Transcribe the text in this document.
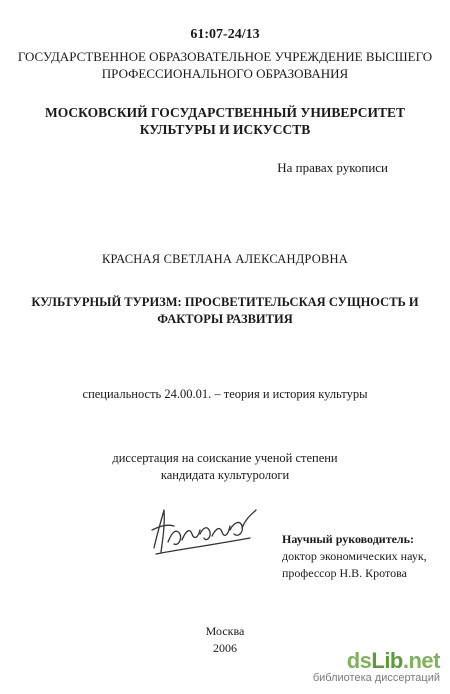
61:07-24/13
ГОСУДАРСТВЕННОЕ ОБРАЗОВАТЕЛЬНОЕ УЧРЕЖДЕНИЕ ВЫСШЕГО
ПРОФЕССИОНАЛЬНОГО ОБРАЗОВАНИЯ
МОСКОВСКИЙ ГОСУДАРСТВЕННЫЙ УНИВЕРСИТЕТ
КУЛЬТУРЫ И ИСКУССТВ
На правах рукописи
КРАСНАЯ СВЕТЛАНА АЛЕКСАНДРОВНА
КУЛЬТУРНЫЙ ТУРИЗМ: ПРОСВЕТИТЕЛЬСКАЯ СУЩНОСТЬ И
ФАКТОРЫ РАЗВИТИЯ
специальность 24.00.01. – теория и история культуры
диссертация на соискание ученой степени
кандидата культурологи
Научный руководитель:
доктор экономических наук,
профессор Н.В. Кротова
Москва
2006	dsLib.net
библиотека диссертаций
